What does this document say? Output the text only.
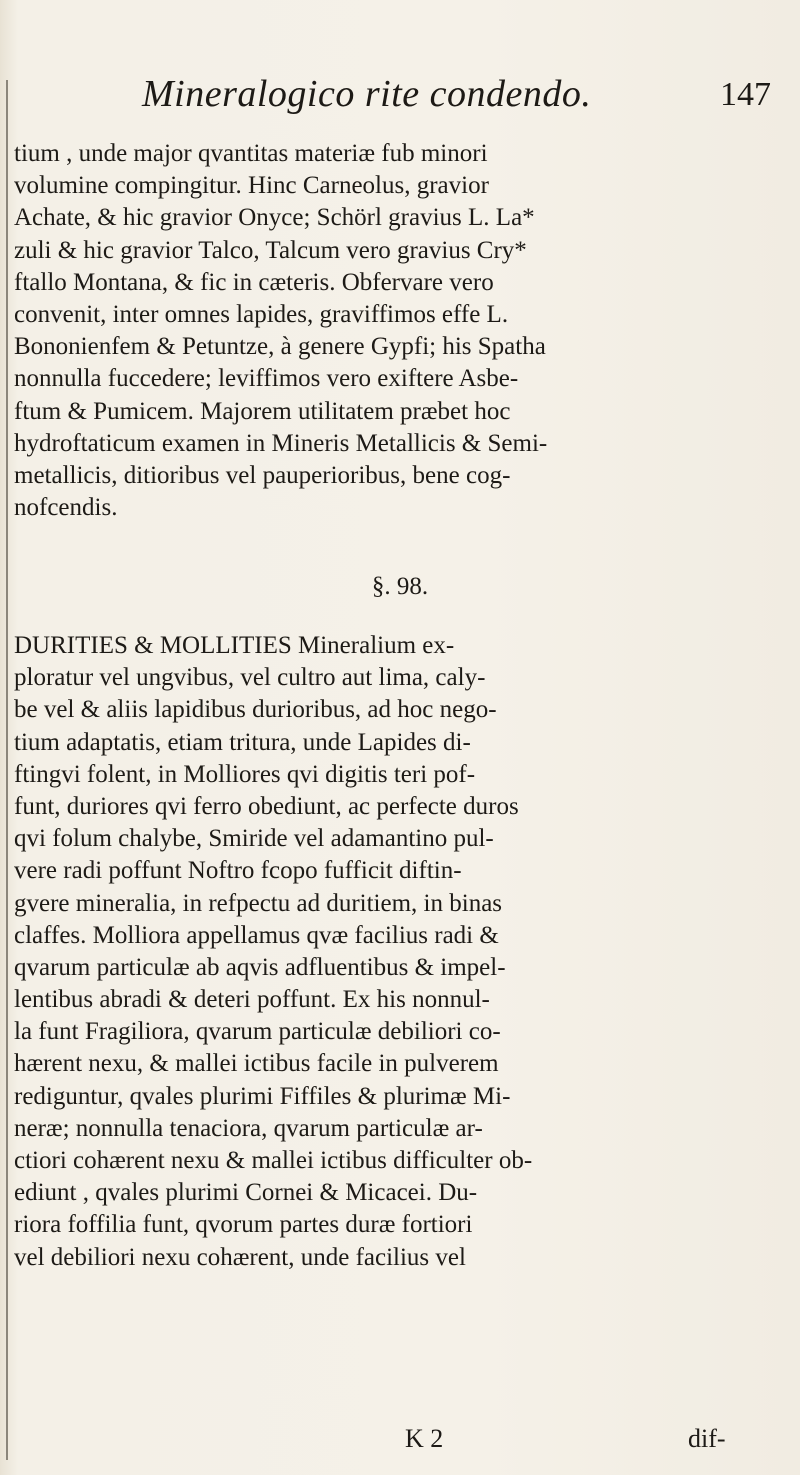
Mineralogico rite condendo.	147
tium , unde major qvantitas materiæ fub minori
volumine compingitur. Hinc Carneolus, gravior
Achate, & hic gravior Onyce; Schörl gravius L. La*
zuli & hic gravior Talco, Talcum vero gravius Cry*
ftallo Montana, & fic in cæteris. Obfervare vero
convenit, inter omnes lapides, graviffimos effe L.
Bononienfem & Petuntze, à genere Gypfi; his Spatha
nonnulla fuccedere; leviffimos vero exiftere Asbe-
ftum & Pumicem. Majorem utilitatem præbet hoc
hydroftaticum examen in Mineris Metallicis & Semi-
metallicis, ditioribus vel pauperioribus, bene cog-
nofcendis.
§. 98.
DURITIES & MOLLITIES Mineralium ex-
ploratur vel ungvibus, vel cultro aut lima, caly-
be vel & aliis lapidibus durioribus, ad hoc nego-
tium adaptatis, etiam tritura, unde Lapides di-
ftingvi folent, in Molliores qvi digitis teri pof-
funt, duriores qvi ferro obediunt, ac perfecte duros
qvi folum chalybe, Smiride vel adamantino pul-
vere radi poffunt Noftro fcopo fufficit diftin-
gvere mineralia, in refpectu ad duritiem, in binas
claffes. Molliora appellamus qvæ facilius radi &
qvarum particulæ ab aqvis adfluentibus & impel-
lentibus abradi & deteri poffunt. Ex his nonnul-
la funt Fragiliora, qvarum particulæ debiliori co-
hærent nexu, & mallei ictibus facile in pulverem
rediguntur, qvales plurimi Fiffiles & plurimæ Mi-
neræ; nonnulla tenaciora, qvarum particulæ ar-
ctiori cohærent nexu & mallei ictibus difficulter ob-
ediunt , qvales plurimi Cornei & Micacei. Du-
riora foffilia funt, qvorum partes duræ fortiori
vel debiliori nexu cohærent, unde facilius vel
K 2	dif-
